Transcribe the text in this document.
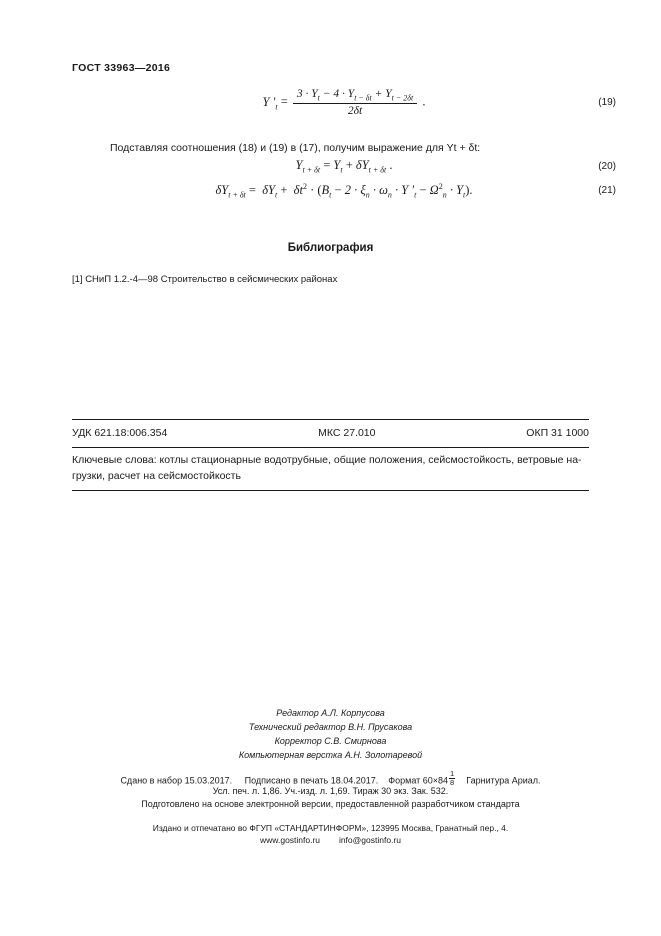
ГОСТ 33963—2016
Y $'_t = \frac{3 \cdot Y_t - 4 \cdot Y_{t - \delta t} + Y_{t - 2\delta t}}{2\delta t}$ .	(19)
Подставляя соотношения (18) и (19) в (17), получим выражение для Yt + δt:
$Y_{t + \delta t} = Y_t + \delta Y_{t + \delta t}$ .	(20)
$\delta Y_{t + \delta t} = \delta Y_t + \delta t^2 \cdot (B_t - 2 \cdot \xi_n \cdot \omega_n \cdot Y$ $'_t - \Omega^2_n \cdot Y_t$).	(21)
Библиография
[1] СНиП 1.2.-4—98 Строительство в сейсмических районах
УДК 621.18:006.354	МКС 27.010	ОКП 31 1000
Ключевые слова: котлы стационарные водотрубные, общие положения, сейсмостойкость, ветровые на-грузки, расчет на сейсмостойкость
Редактор А.Л. Корпусова
Технический редактор В.Н. Прусакова
Корректор С.В. Смирнова
Компьютерная верстка А.Н. Золотаревой
Сдано в набор 15.03.2017. Подписано в печать 18.04.2017. Формат $60\times 84 \frac{1}{8}$ Гарнитура Ариал.
Усл. печ. л. 1,86. Уч.-изд. л. 1,69. Тираж 30 экз. Зак. 532.
Подготовлено на основе электронной версии, предоставленной разработчиком стандарта
Издано и отпечатано во ФГУП «СТАНДАРТИНФОРМ», 123995 Москва, Гранатный пер., 4.
www.gostinfo.ru info@gostinfo.ru
